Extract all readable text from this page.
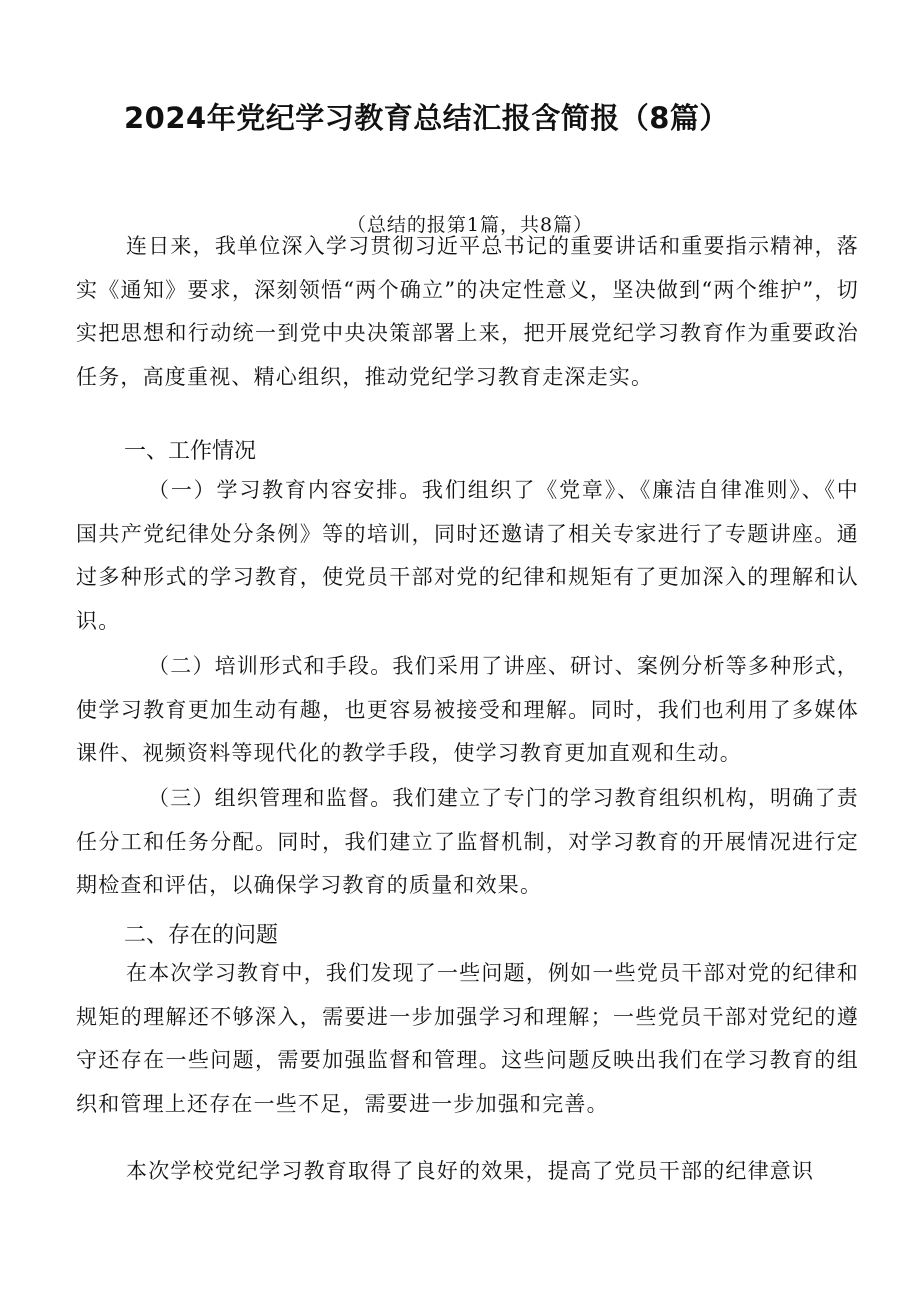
2024年党纪学习教育总结汇报含简报（8篇）
（总结的报第1篇，共8篇）

连日来，我单位深入学习贯彻习近平总书记的重要讲话和重要指示精神，落实《通知》要求，深刻领悟“两个确立”的决定性意义，坚决做到“两个维护”，切实把思想和行动统一到党中央决策部署上来，把开展党纪学习教育作为重要政治任务，高度重视、精心组织，推动党纪学习教育走深走实。

一、工作情况

（一）学习教育内容安排。我们组织了《党章》、《廉洁自律准则》、《中国共产党纪律处分条例》等的培训，同时还邀请了相关专家进行了专题讲座。通过多种形式的学习教育，使党员干部对党的纪律和规矩有了更加深入的理解和认识。

（二）培训形式和手段。我们采用了讲座、研讨、案例分析等多种形式，使学习教育更加生动有趣，也更容易被接受和理解。同时，我们也利用了多媒体课件、视频资料等现代化的教学手段，使学习教育更加直观和生动。

（三）组织管理和监督。我们建立了专门的学习教育组织机构，明确了责任分工和任务分配。同时，我们建立了监督机制，对学习教育的开展情况进行定期检查和评估，以确保学习教育的质量和效果。

二、存在的问题

在本次学习教育中，我们发现了一些问题，例如一些党员干部对党的纪律和规矩的理解还不够深入，需要进一步加强学习和理解；一些党员干部对党纪的遵守还存在一些问题，需要加强监督和管理。这些问题反映出我们在学习教育的组织和管理上还存在一些不足，需要进一步加强和完善。

本次学校党纪学习教育取得了良好的效果，提高了党员干部的纪律意识
